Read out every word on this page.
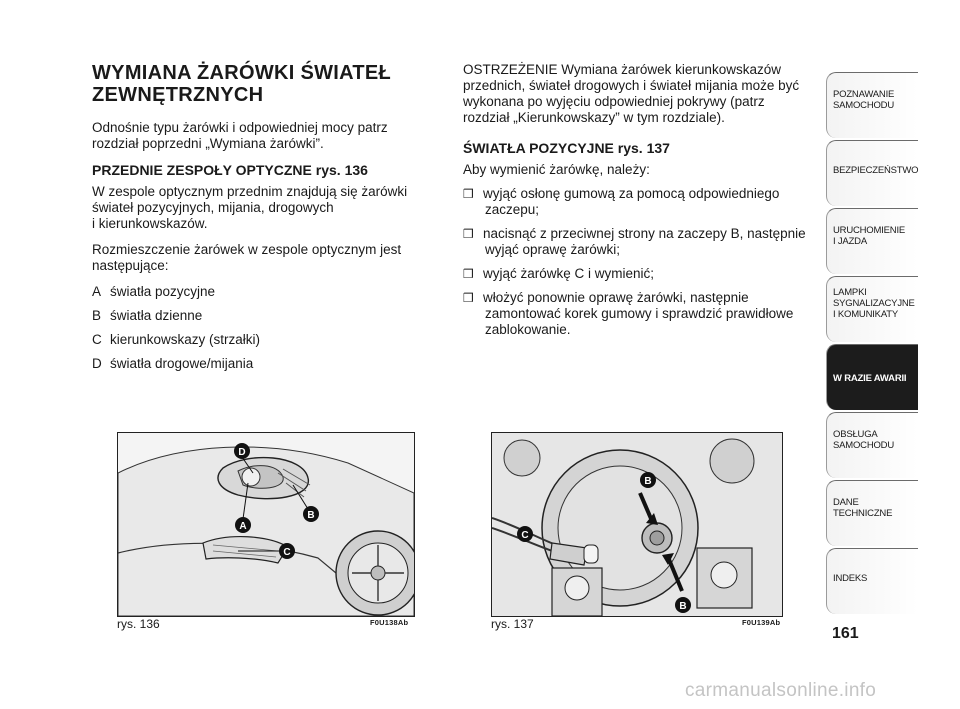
WYMIANA ŻARÓWKI ŚWIATEŁ
ZEWNĘTRZNYCH

Odnośnie typu żarówki i odpowiedniej mocy patrz
rozdział poprzedni „Wymiana żarówki”.

PRZEDNIE ZESPOŁY OPTYCZNE rys. 136

W zespole optycznym przednim znajdują się żarówki
świateł pozycyjnych, mijania, drogowych
i kierunkowskazów.

Rozmieszczenie żarówek w zespole optycznym jest
następujące:

A światła pozycyjne
B światła dzienne
C kierunkowskazy (strzałki)
D światła drogowe/mijania

OSTRZEŻENIE Wymiana żarówek kierunkowskazów
przednich, świateł drogowych i świateł mijania może być
wykonana po wyjęciu odpowiedniej pokrywy (patrz
rozdział „Kierunkowskazy” w tym rozdziale).

ŚWIATŁA POZYCYJNE rys. 137

Aby wymienić żarówkę, należy:

❒ wyjąć osłonę gumową za pomocą odpowiedniego
zaczepu;
❒ nacisnąć z przeciwnej strony na zaczepy B, następnie
wyjąć oprawę żarówki;
❒ wyjąć żarówkę C i wymienić;
❒ włożyć ponownie oprawę żarówki, następnie
zamontować korek gumowy i sprawdzić prawidłowe
zablokowanie.
D
A
B
C
rys. 136	F0U138Ab
B
C
B
rys. 137	F0U139Ab
POZNAWANIE
SAMOCHODU
BEZPIECZEŃSTWO
URUCHOMIENIE
I JAZDA
LAMPKI
SYGNALIZACYJNE
I KOMUNIKATY
W RAZIE AWARII
OBSŁUGA
SAMOCHODU
DANE
TECHNICZNE
INDEKS
161
carmanualsonline.info
